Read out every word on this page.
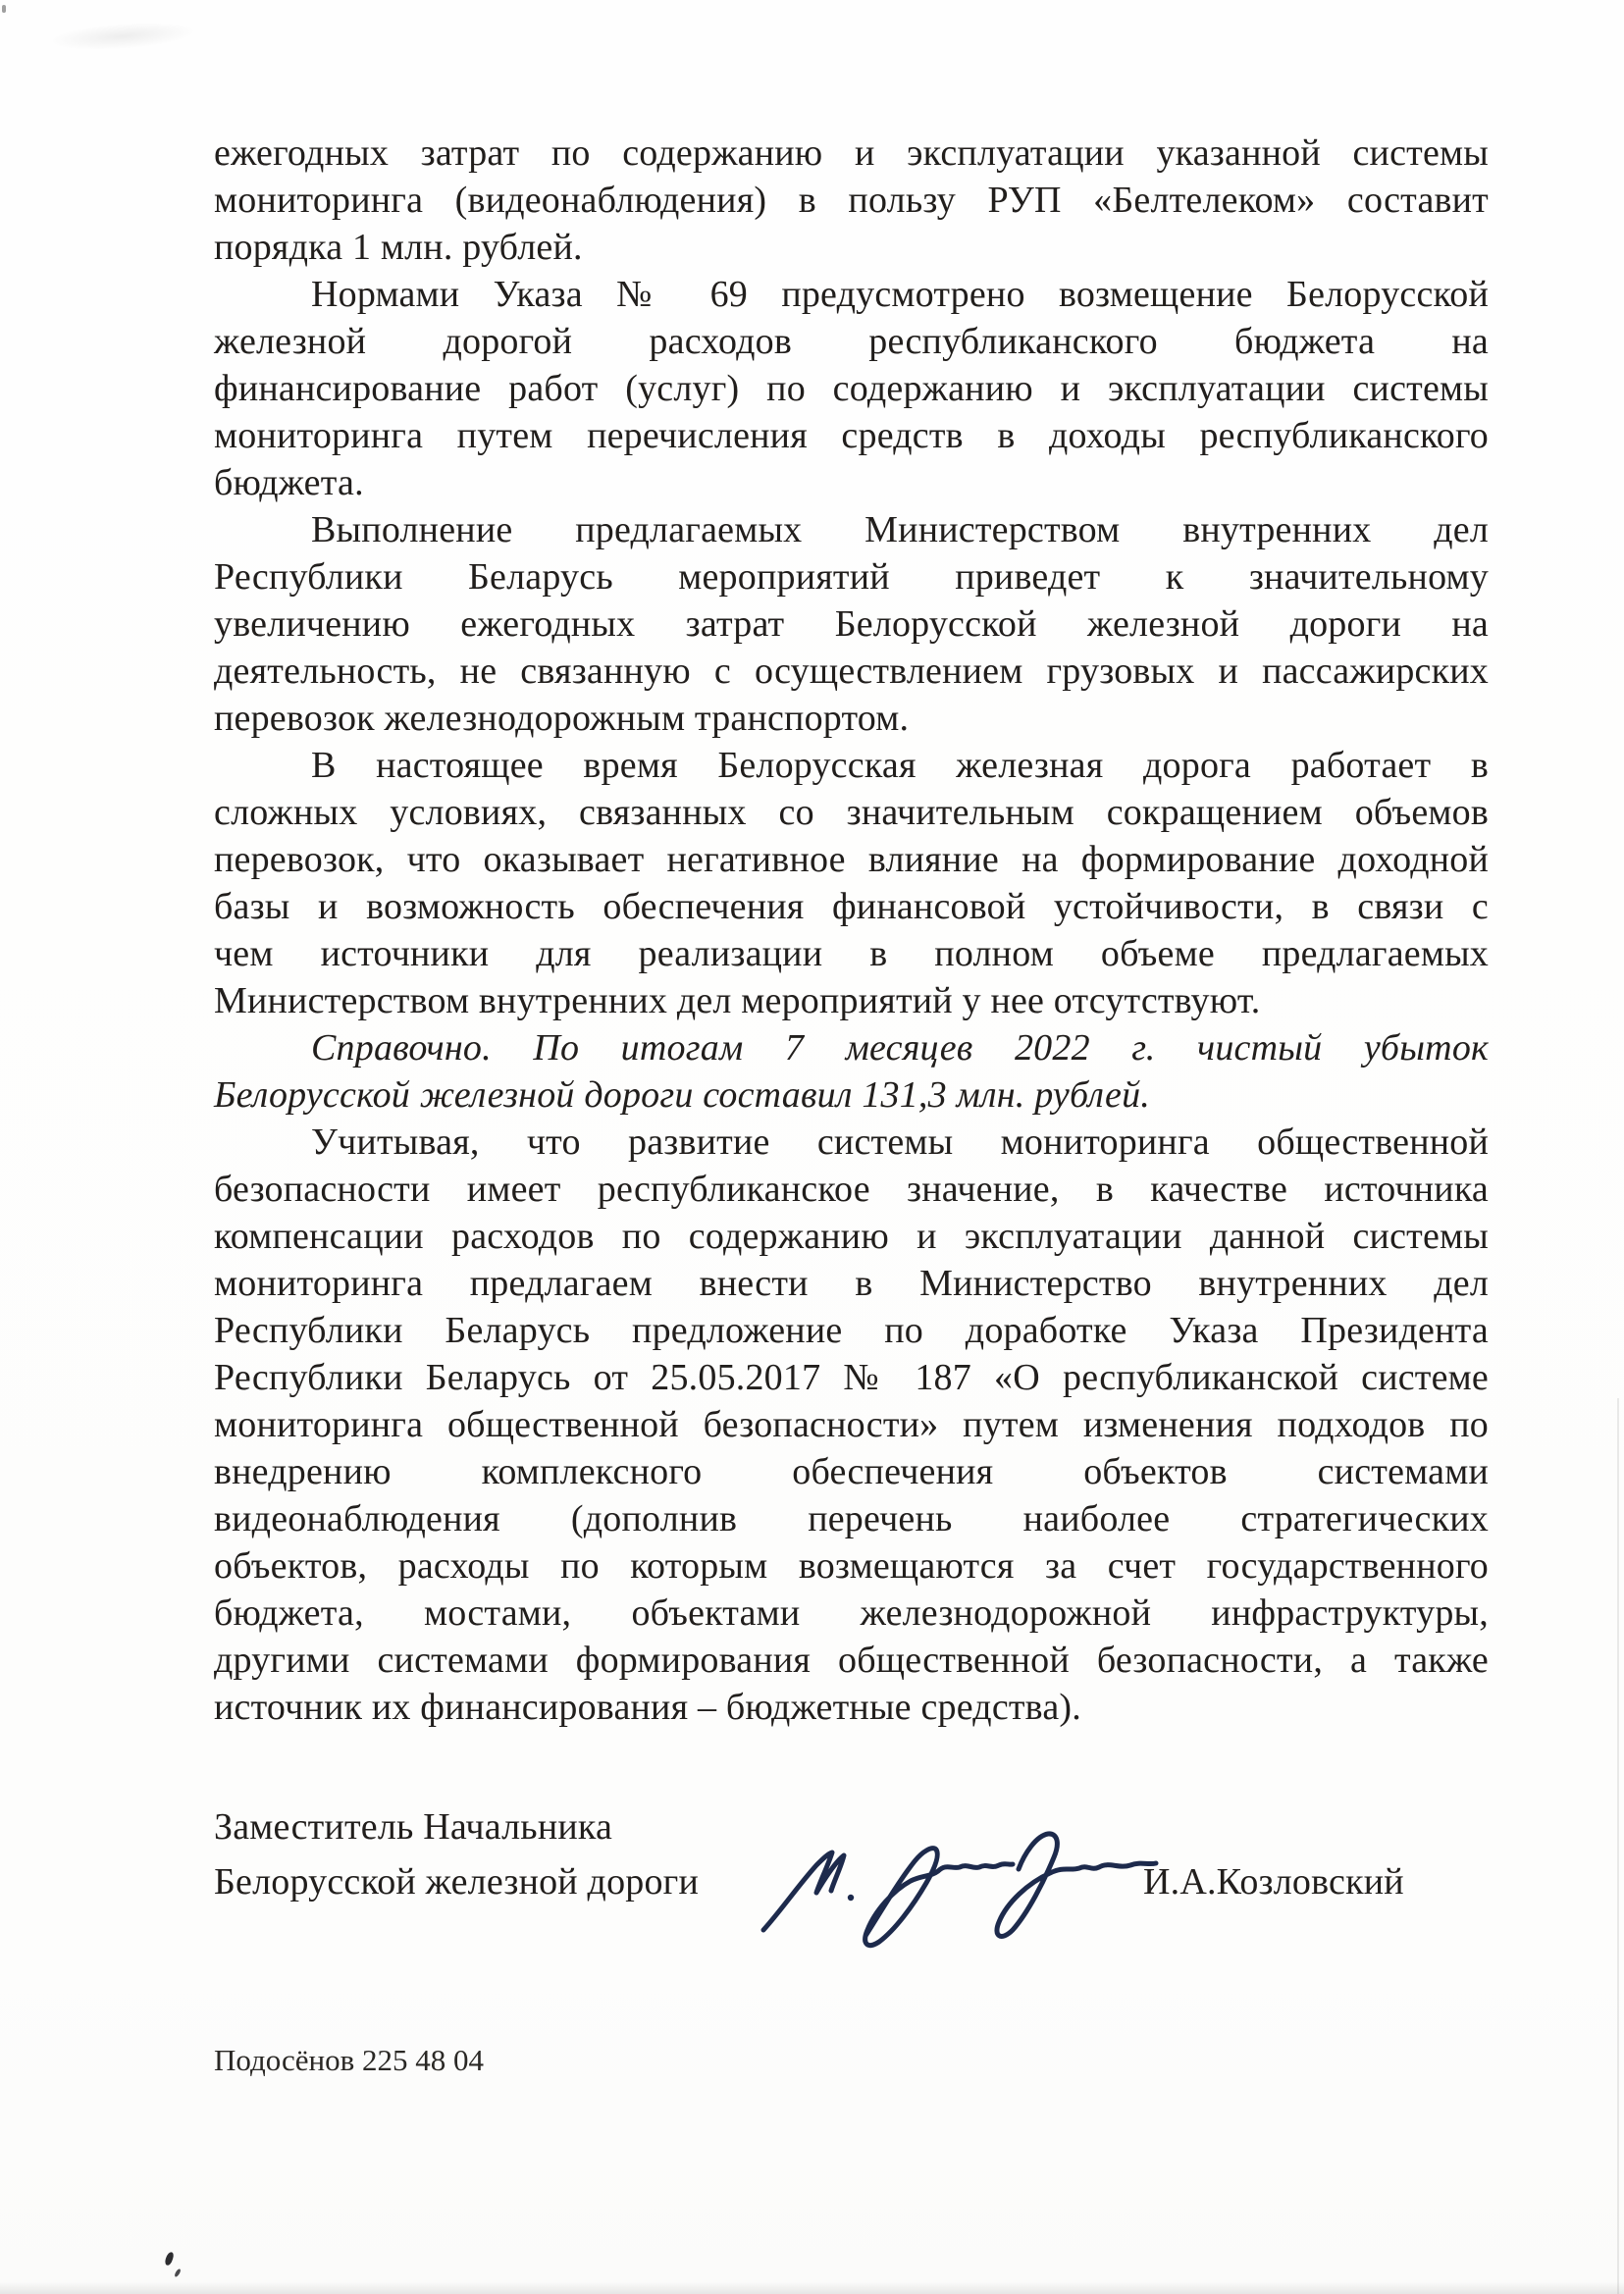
ежегодных затрат по содержанию и эксплуатации указанной системы
мониторинга (видеонаблюдения) в пользу РУП «Белтелеком» составит
порядка 1 млн. рублей.
Нормами Указа № 69 предусмотрено возмещение Белорусской
железной дорогой расходов республиканского бюджета на
финансирование работ (услуг) по содержанию и эксплуатации системы
мониторинга путем перечисления средств в доходы республиканского
бюджета.
Выполнение предлагаемых Министерством внутренних дел
Республики Беларусь мероприятий приведет к значительному
увеличению ежегодных затрат Белорусской железной дороги на
деятельность, не связанную с осуществлением грузовых и пассажирских
перевозок железнодорожным транспортом.
В настоящее время Белорусская железная дорога работает в
сложных условиях, связанных со значительным сокращением объемов
перевозок, что оказывает негативное влияние на формирование доходной
базы и возможность обеспечения финансовой устойчивости, в связи с
чем источники для реализации в полном объеме предлагаемых
Министерством внутренних дел мероприятий у нее отсутствуют.
Справочно. По итогам 7 месяцев 2022 г. чистый убыток
Белорусской железной дороги составил 131,3 млн. рублей.
Учитывая, что развитие системы мониторинга общественной
безопасности имеет республиканское значение, в качестве источника
компенсации расходов по содержанию и эксплуатации данной системы
мониторинга предлагаем внести в Министерство внутренних дел
Республики Беларусь предложение по доработке Указа Президента
Республики Беларусь от 25.05.2017 № 187 «О республиканской системе
мониторинга общественной безопасности» путем изменения подходов по
внедрению комплексного обеспечения объектов системами
видеонаблюдения (дополнив перечень наиболее стратегических
объектов, расходы по которым возмещаются за счет государственного
бюджета, мостами, объектами железнодорожной инфраструктуры,
другими системами формирования общественной безопасности, а также
источник их финансирования – бюджетные средства).
Заместитель Начальника
Белорусской железной дороги	И.А.Козловский
Подосёнов 225 48 04
